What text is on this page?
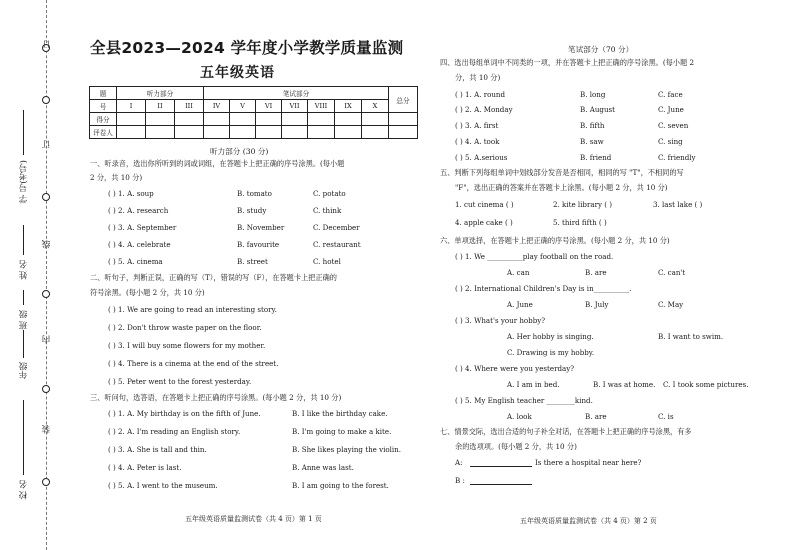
订
线
内
装
订
校 名
年级
班 级
姓 名
学 号(考号)
全县2023—2024 学年度小学教学质量监测
五年级英语
题	听力部分			笔试部分							总分
号	I	II	III	IV	V	VI	VII	VIII	IX	X	
得分											
评卷人											
听力部分 (30 分)
一、听录音，选出你所听到的词或词组，在答题卡上把正确的序号涂黑。(每小题
2 分，共 10 分)
( ) 1. A. soup	B. tomato	C. potato
( ) 2. A. research	B. study	C. think
( ) 3. A. September	B. November	C. December
( ) 4. A. celebrate	B. favourite	C. restaurant
( ) 5. A. cinema	B. street	C. hotel
二、听句子，判断正误，正确的写（T），错误的写（F），在答题卡上把正确的
符号涂黑。(每小题 2 分，共 10 分)
( ) 1. We are going to read an interesting story.
( ) 2. Don't throw waste paper on the floor.
( ) 3. I will buy some flowers for my mother.
( ) 4. There is a cinema at the end of the street.
( ) 5. Peter went to the forest yesterday.
三、听问句，选答语，在答题卡上把正确的序号涂黑。(每小题 2 分，共 10 分)
( ) 1. A. My birthday is on the fifth of June.	B. I like the birthday cake.
( ) 2. A. I'm reading an English story.	B. I'm going to make a kite.
( ) 3. A. She is tall and thin.	B. She likes playing the violin.
( ) 4. A. Peter is last.	B. Anne was last.
( ) 5. A. I went to the museum.	B. I am going to the forest.
五年级英语质量监测试卷（共 4 页）第 1 页
笔试部分（70 分）
四、选出每组单词中不同类的一项，并在答题卡上把正确的序号涂黑。(每小题 2
分，共 10 分)
( ) 1. A. round	B. long	C. face
( ) 2. A. Monday	B. August	C. June
( ) 3. A. first	B. fifth	C. seven
( ) 4. A. took	B. saw	C. sing
( ) 5. A.serious	B. friend	C. friendly
五、判断下列每组单词中划线部分发音是否相同，相同的写 "T"，不相同的写
"F"，选出正确的答案并在答题卡上涂黑。(每小题 2 分，共 10 分)
1. cut cinema ( )	2. kite library ( )	3. last lake ( )
4. apple cake ( )	5. third fifth ( )
六、单项选择，在答题卡上把正确的序号涂黑。(每小题 2 分，共 10 分)
( ) 1. We __________play football on the road.
A. can	B. are	C. can't
( ) 2. International Children's Day is in__________.
A. June	B. July	C. May
( ) 3. What's your hobby?
A. Her hobby is singing.	B. I want to swim.
C. Drawing is my hobby.
( ) 4. Where were you yesterday?
A. I am in bed.	B. I was at home. C. I took some pictures.
( ) 5. My English teacher ________kind.
A. look	B. are	C. is
七、情景交际，选出合适的句子补全对话，在答题卡上把正确的序号涂黑，有多
余的选项项。(每小题 2 分，共 10 分)
A:	Is there a hospital near here?
B :
五年级英语质量监测试卷（共 4 页）第 2 页
